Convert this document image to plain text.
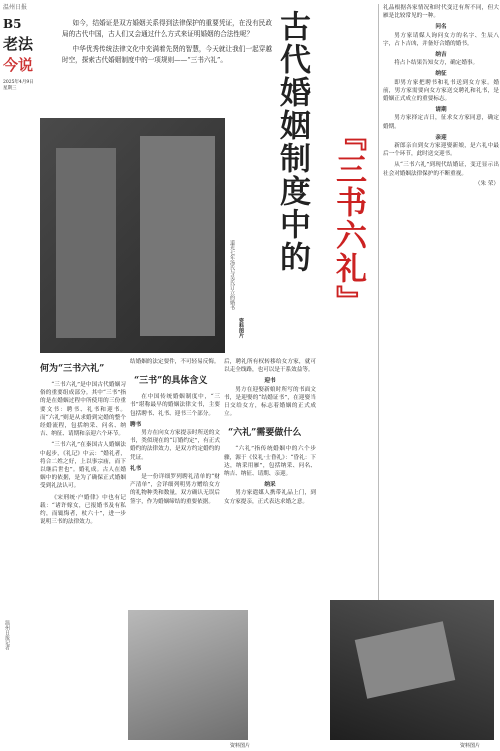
温州日报
B5
老法
今说
2025年4月9日
星期三
如今，结婚证是双方婚姻关系得到法律保护的重要凭证，在没有民政局的古代中国，古人们又会通过什么方式来证明婚姻的合法性呢？
中华优秀传统法律文化中充满着先贤的智慧，今天就让我们一起穿越时空，探索古代婚姻制度中的一项规则——“三书六礼”。	古代婚姻制度中的 『三书六礼』
道光七年汤氏与吴氏订立的婚书
资料图片
何为“三书六礼”
“三书六礼”是中国古代婚姻习俗的重要组成部分。其中“三书”指的是在婚姻过程中所使用的三份重要文书：聘书、礼书和迎书。而“六礼”则是从求婚到完婚的整个经婚流程，包括纳采、问名、纳吉、纳征、请期和亲迎六个环节。
“三书六礼”在秦国古人婚姻法中起步，《礼记》中云：“婚礼者，将合二姓之好，上以事宗庙，而下以继后世也”。婚礼成。古人在婚姻中的依据，是为了确保正式婚姻受到礼法认可。
《宋刑统·户婚律》中也有记载：“诸许嫁女，已报婚书及有私约，而辄悔者，杖六十”，进一步说明三书的法律效力。
结婚姻的法定要件，不可轻易反悔。
“三书”的具体含义
在中国传统婚姻制度中，“三书”堪称最早的婚姻法律文书，主要包括聘书、礼书、迎书三个部分。
聘书
男方在向女方家提亲时所送的文书，类似现在的“订婚约定”，有正式婚约的法律效力，是双方约定婚约的凭证。
礼书
是一份详细罗列聘礼清单的“财产清单”，会详细列明男方赠给女方的礼物种类和数量，双方确认无误后签字，作为婚姻缔结的重要依据。
后，聘礼所有权转移给女方家，就可以走全线路，也可以是干系效益等。
迎书
男方在迎娶新娘时所写的书面文书，是迎娶的“结婚证书”，在迎娶当日交给女方，标志着婚姻的正式成立。
“六礼”需要做什么
“六礼”指传统婚姻中的六个步骤，源于《仪礼·士昏礼》：“昏礼：下达，纳采用雁”，包括纳采、问名、纳吉、纳征、请期、亲迎。
纳采
男方家遣媒人携带礼品上门，到女方家提亲，正式表达求婚之意。
礼品根据各家情况和时代变迁有所不同，但大雁是比较常见的一种。
问名
男方家请媒人询问女方的名字、生辰八字，占卜吉凶，并备好合婚的婚书。
纳吉
将占卜结果告知女方，确定婚事。
纳征
即男方家把聘书和礼书送到女方家。婚前，男方家需要向女方家送交聘礼和礼书，是婚姻正式成立的重要标志。
请期
男方家择定吉日，征求女方家同意，确定婚期。
亲迎
新郎亲自到女方家迎娶新娘，是六礼中最后一个环节，此时送交迎书。
从“三书六礼”到现代结婚证，变迁显示出社会对婚姻法律保护的不断重视。
（朱 荣）
资料图片	资料图片
温州日报记者
